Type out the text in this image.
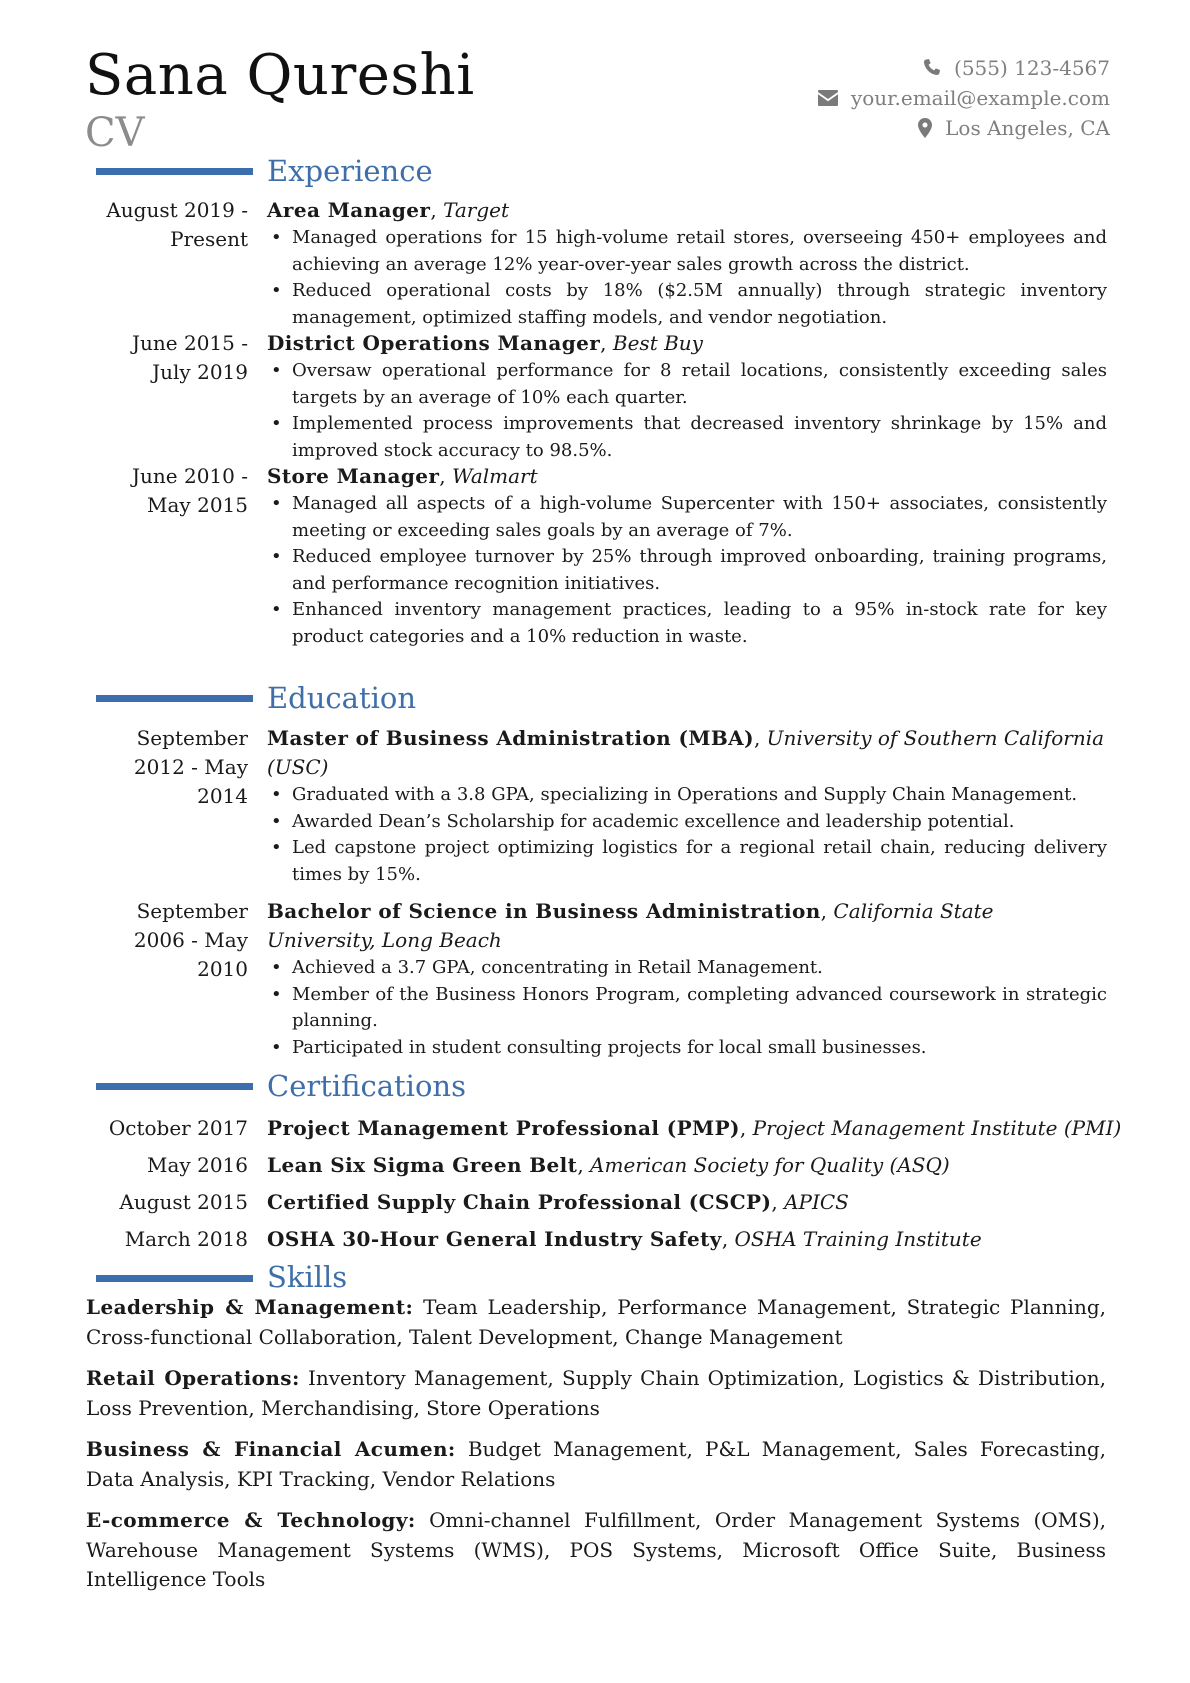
Sana Qureshi
CV
(555) 123-4567
your.email@example.com
Los Angeles, CA
Experience
August 2019 -
Present
Area Manager, Target
• Managed operations for 15 high-volume retail stores, overseeing 450+ employees and achieving an average 12% year-over-year sales growth across the district.
• Reduced operational costs by 18% ($2.5M annually) through strategic inventory management, optimized staffing models, and vendor negotiation.
June 2015 -
July 2019
District Operations Manager, Best Buy
• Oversaw operational performance for 8 retail locations, consistently exceeding sales targets by an average of 10% each quarter.
• Implemented process improvements that decreased inventory shrinkage by 15% and improved stock accuracy to 98.5%.
June 2010 -
May 2015
Store Manager, Walmart
• Managed all aspects of a high-volume Supercenter with 150+ associates, consistently meeting or exceeding sales goals by an average of 7%.
• Reduced employee turnover by 25% through improved onboarding, training programs, and performance recognition initiatives.
• Enhanced inventory management practices, leading to a 95% in-stock rate for key product categories and a 10% reduction in waste.
Education
September
2012 - May
2014
Master of Business Administration (MBA), University of Southern California (USC)
• Graduated with a 3.8 GPA, specializing in Operations and Supply Chain Management.
• Awarded Dean’s Scholarship for academic excellence and leadership potential.
• Led capstone project optimizing logistics for a regional retail chain, reducing delivery times by 15%.
September
2006 - May
2010
Bachelor of Science in Business Administration, California State University, Long Beach
• Achieved a 3.7 GPA, concentrating in Retail Management.
• Member of the Business Honors Program, completing advanced coursework in strategic planning.
• Participated in student consulting projects for local small businesses.
Certifications
October 2017 Project Management Professional (PMP), Project Management Institute (PMI)
May 2016 Lean Six Sigma Green Belt, American Society for Quality (ASQ)
August 2015 Certified Supply Chain Professional (CSCP), APICS
March 2018 OSHA 30-Hour General Industry Safety, OSHA Training Institute
Skills
Leadership & Management: Team Leadership, Performance Management, Strategic Planning, Cross-functional Collaboration, Talent Development, Change Management
Retail Operations: Inventory Management, Supply Chain Optimization, Logistics & Distribution, Loss Prevention, Merchandising, Store Operations
Business & Financial Acumen: Budget Management, P&L Management, Sales Forecasting, Data Analysis, KPI Tracking, Vendor Relations
E-commerce & Technology: Omni-channel Fulfillment, Order Management Systems (OMS), Warehouse Management Systems (WMS), POS Systems, Microsoft Office Suite, Business Intelligence Tools
